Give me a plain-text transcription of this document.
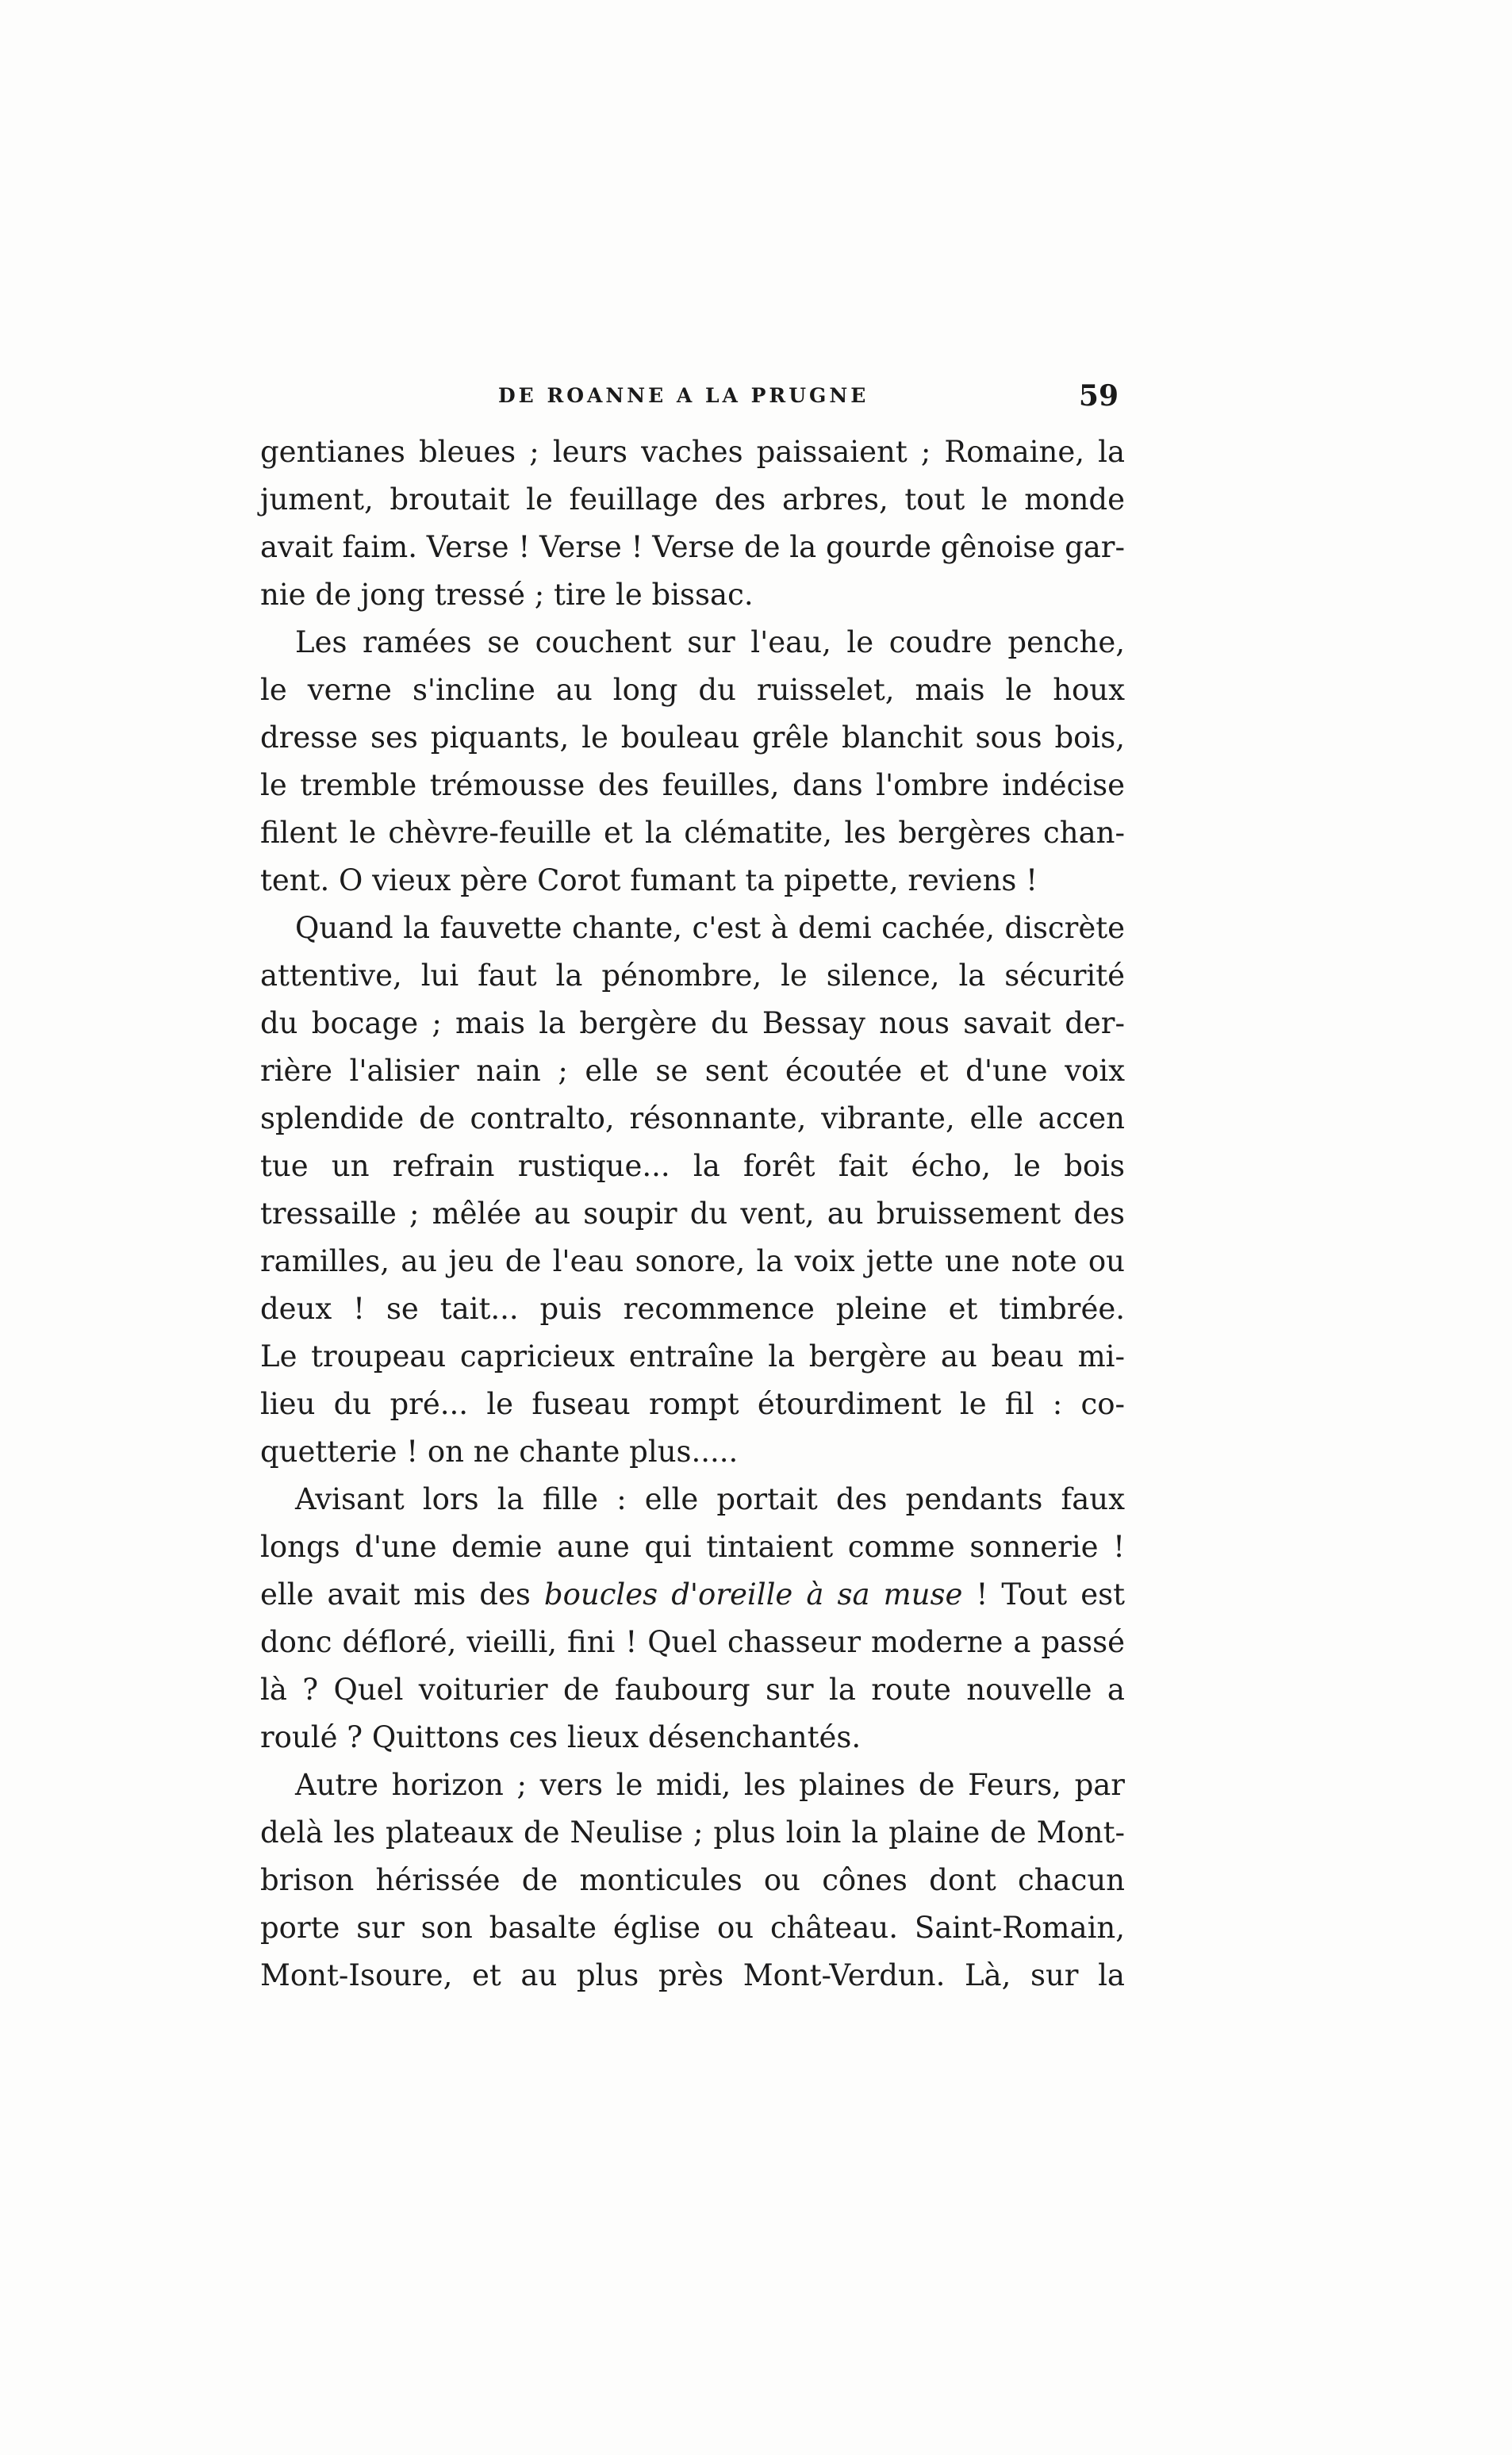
DE ROANNE A LA PRUGNE	59
gentianes bleues ; leurs vaches paissaient ; Romaine, la
jument, broutait le feuillage des arbres, tout le monde
avait faim. Verse ! Verse ! Verse de la gourde gênoise gar-
nie de jong tressé ; tire le bissac.
Les ramées se couchent sur l'eau, le coudre penche,
le verne s'incline au long du ruisselet, mais le houx
dresse ses piquants, le bouleau grêle blanchit sous bois,
le tremble trémousse des feuilles, dans l'ombre indécise
filent le chèvre-feuille et la clématite, les bergères chan-
tent. O vieux père Corot fumant ta pipette, reviens !
Quand la fauvette chante, c'est à demi cachée, discrète
attentive, lui faut la pénombre, le silence, la sécurité
du bocage ; mais la bergère du Bessay nous savait der-
rière l'alisier nain ; elle se sent écoutée et d'une voix
splendide de contralto, résonnante, vibrante, elle accen
tue un refrain rustique... la forêt fait écho, le bois
tressaille ; mêlée au soupir du vent, au bruissement des
ramilles, au jeu de l'eau sonore, la voix jette une note ou
deux ! se tait... puis recommence pleine et timbrée.
Le troupeau capricieux entraîne la bergère au beau mi-
lieu du pré... le fuseau rompt étourdiment le fil : co-
quetterie ! on ne chante plus.....
Avisant lors la fille : elle portait des pendants faux
longs d'une demie aune qui tintaient comme sonnerie !
elle avait mis des boucles d'oreille à sa muse ! Tout est
donc défloré, vieilli, fini ! Quel chasseur moderne a passé
là ? Quel voiturier de faubourg sur la route nouvelle a
roulé ? Quittons ces lieux désenchantés.
Autre horizon ; vers le midi, les plaines de Feurs, par
delà les plateaux de Neulise ; plus loin la plaine de Mont-
brison hérissée de monticules ou cônes dont chacun
porte sur son basalte église ou château. Saint-Romain,
Mont-Isoure, et au plus près Mont-Verdun. Là, sur la
